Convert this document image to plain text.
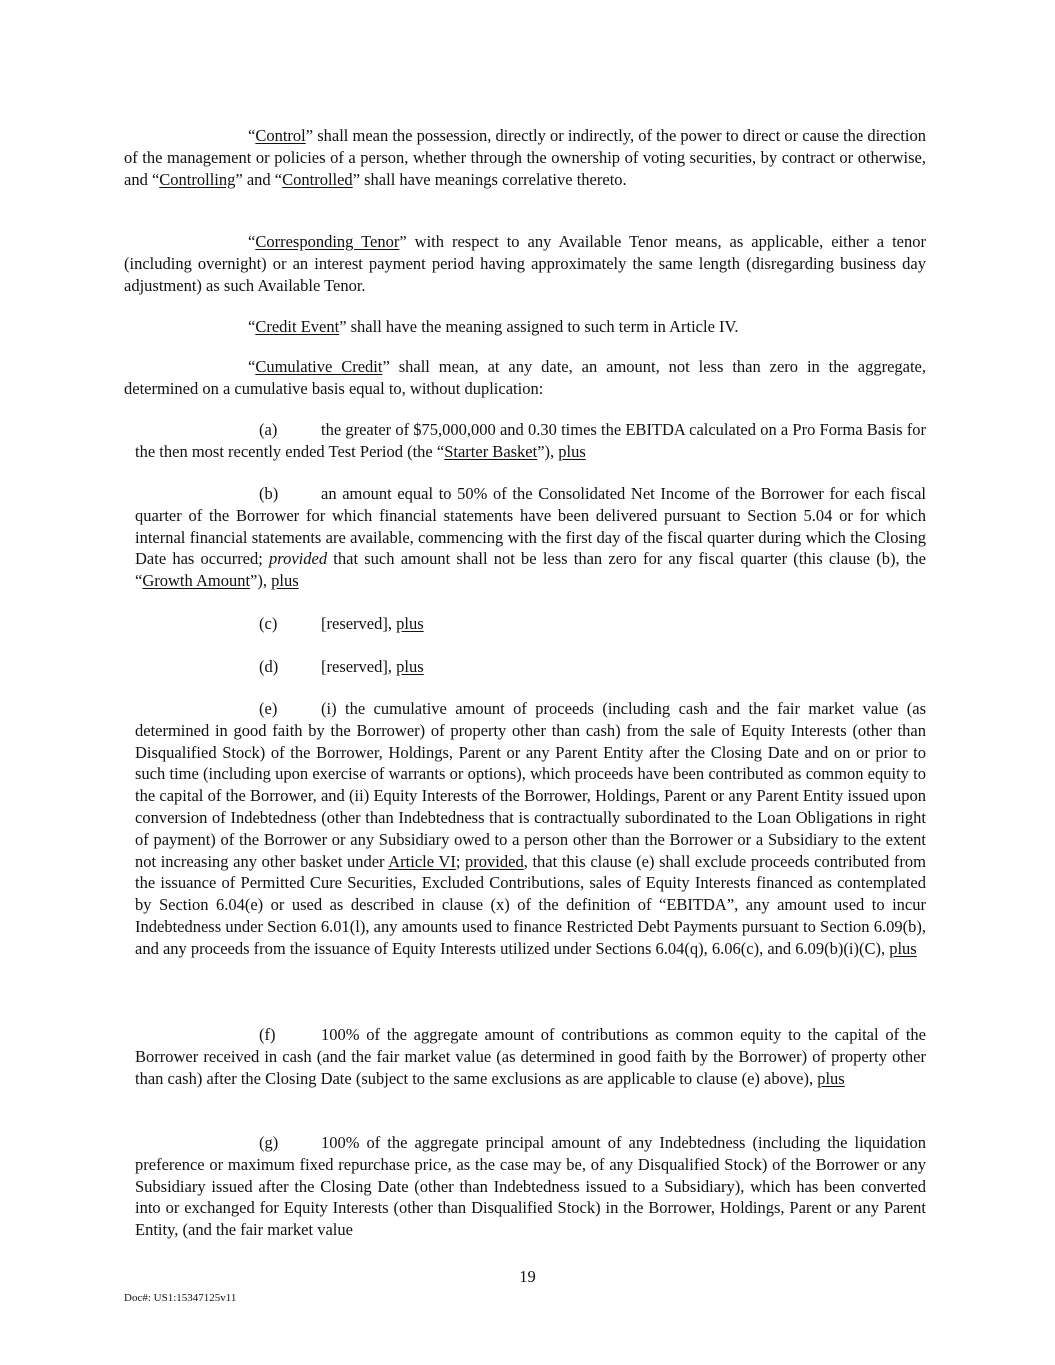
“Control” shall mean the possession, directly or indirectly, of the power to direct or cause the direction of the management or policies of a person, whether through the ownership of voting securities, by contract or otherwise, and “Controlling” and “Controlled” shall have meanings correlative thereto.

“Corresponding Tenor” with respect to any Available Tenor means, as applicable, either a tenor (including overnight) or an interest payment period having approximately the same length (disregarding business day adjustment) as such Available Tenor.

“Credit Event” shall have the meaning assigned to such term in Article IV.

“Cumulative Credit” shall mean, at any date, an amount, not less than zero in the aggregate, determined on a cumulative basis equal to, without duplication:

(a)	the greater of $75,000,000 and 0.30 times the EBITDA calculated on a Pro Forma Basis for the then most recently ended Test Period (the “Starter Basket”), plus

(b)	an amount equal to 50% of the Consolidated Net Income of the Borrower for each fiscal quarter of the Borrower for which financial statements have been delivered pursuant to Section 5.04 or for which internal financial statements are available, commencing with the first day of the fiscal quarter during which the Closing Date has occurred; provided that such amount shall not be less than zero for any fiscal quarter (this clause (b), the “Growth Amount”), plus

(c)	[reserved], plus

(d)	[reserved], plus

(e)	(i) the cumulative amount of proceeds (including cash and the fair market value (as determined in good faith by the Borrower) of property other than cash) from the sale of Equity Interests (other than Disqualified Stock) of the Borrower, Holdings, Parent or any Parent Entity after the Closing Date and on or prior to such time (including upon exercise of warrants or options), which proceeds have been contributed as common equity to the capital of the Borrower, and (ii) Equity Interests of the Borrower, Holdings, Parent or any Parent Entity issued upon conversion of Indebtedness (other than Indebtedness that is contractually subordinated to the Loan Obligations in right of payment) of the Borrower or any Subsidiary owed to a person other than the Borrower or a Subsidiary to the extent not increasing any other basket under Article VI; provided, that this clause (e) shall exclude proceeds contributed from the issuance of Permitted Cure Securities, Excluded Contributions, sales of Equity Interests financed as contemplated by Section 6.04(e) or used as described in clause (x) of the definition of “EBITDA”, any amount used to incur Indebtedness under Section 6.01(l), any amounts used to finance Restricted Debt Payments pursuant to Section 6.09(b), and any proceeds from the issuance of Equity Interests utilized under Sections 6.04(q), 6.06(c), and 6.09(b)(i)(C), plus

(f)	100% of the aggregate amount of contributions as common equity to the capital of the Borrower received in cash (and the fair market value (as determined in good faith by the Borrower) of property other than cash) after the Closing Date (subject to the same exclusions as are applicable to clause (e) above), plus

(g)	100% of the aggregate principal amount of any Indebtedness (including the liquidation preference or maximum fixed repurchase price, as the case may be, of any Disqualified Stock) of the Borrower or any Subsidiary issued after the Closing Date (other than Indebtedness issued to a Subsidiary), which has been converted into or exchanged for Equity Interests (other than Disqualified Stock) in the Borrower, Holdings, Parent or any Parent Entity, (and the fair market value

19
Doc#: US1:15347125v11
